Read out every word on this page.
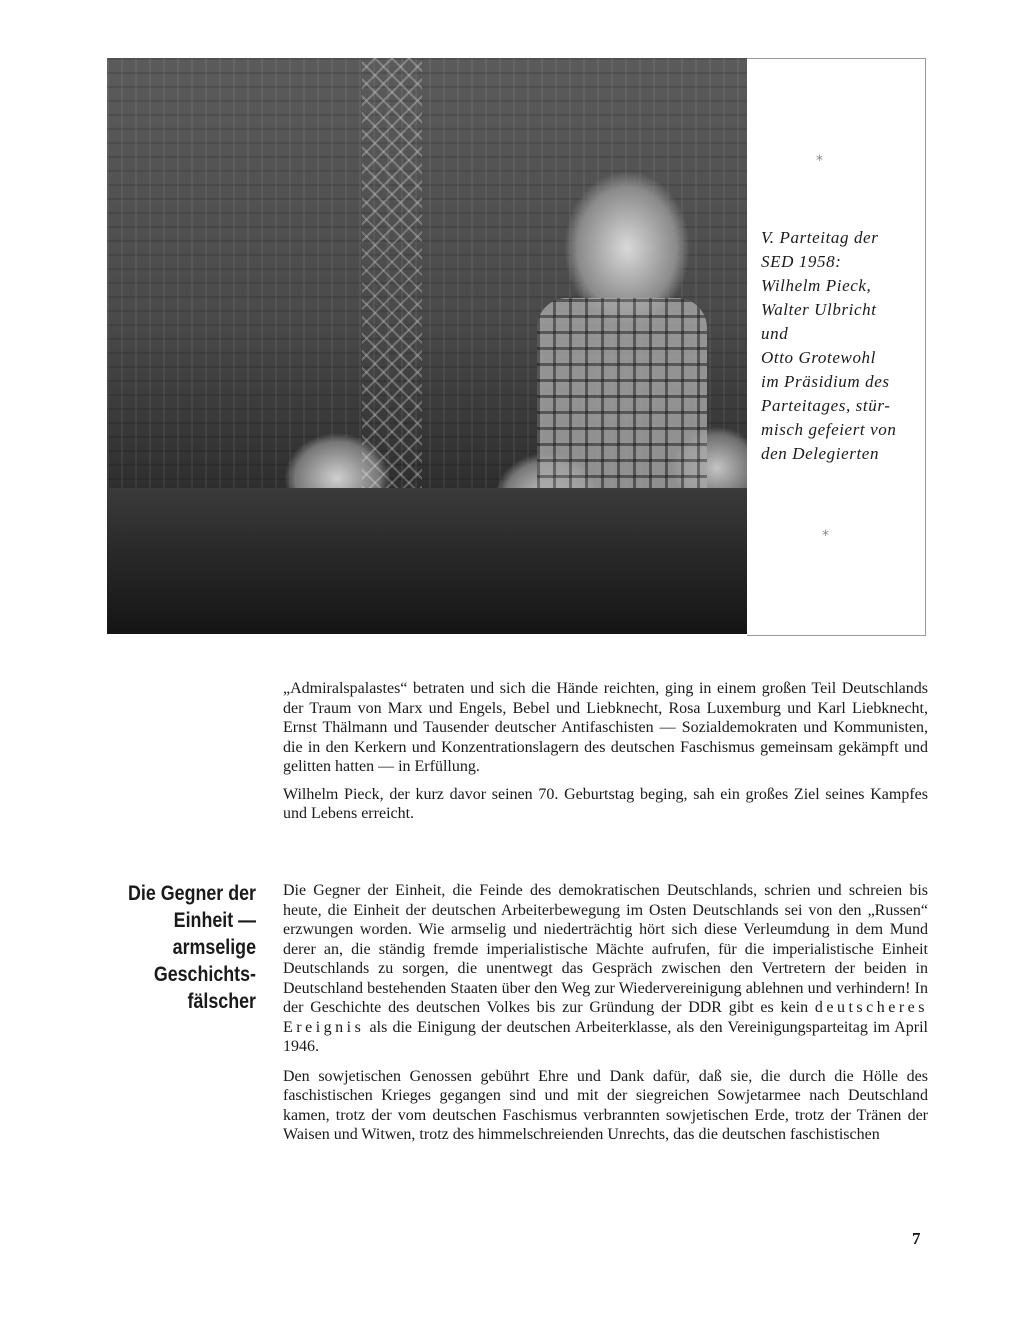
*
*
V. Parteitag der
SED 1958:
Wilhelm Pieck,
Walter Ulbricht
und
Otto Grotewohl
im Präsidium des
Parteitages, stür-
misch gefeiert von
den Delegierten

„Admiralspalastes“ betraten und sich die Hände reichten, ging in einem großen Teil Deutschlands der Traum von Marx und Engels, Bebel und Liebknecht, Rosa Luxemburg und Karl Liebknecht, Ernst Thälmann und Tausender deutscher Antifaschisten — Sozialdemokraten und Kommunisten, die in den Kerkern und Konzentrationslagern des deutschen Faschismus gemeinsam gekämpft und gelitten hatten — in Erfüllung.

Wilhelm Pieck, der kurz davor seinen 70. Geburtstag beging, sah ein großes Ziel seines Kampfes und Lebens erreicht.

Die Gegner der
Einheit —
armselige
Geschichts-
fälscher

Die Gegner der Einheit, die Feinde des demokratischen Deutschlands, schrien und schreien bis heute, die Einheit der deutschen Arbeiterbewegung im Osten Deutschlands sei von den „Russen“ erzwungen worden. Wie armselig und niederträchtig hört sich diese Verleumdung in dem Mund derer an, die ständig fremde imperialistische Mächte aufrufen, für die imperialistische Einheit Deutschlands zu sorgen, die unentwegt das Gespräch zwischen den Vertretern der beiden in Deutschland bestehenden Staaten über den Weg zur Wiedervereinigung ablehnen und verhindern! In der Geschichte des deutschen Volkes bis zur Gründung der DDR gibt es kein deutscheres Ereignis als die Einigung der deutschen Arbeiterklasse, als den Vereinigungsparteitag im April 1946.

Den sowjetischen Genossen gebührt Ehre und Dank dafür, daß sie, die durch die Hölle des faschistischen Krieges gegangen sind und mit der siegreichen Sowjetarmee nach Deutschland kamen, trotz der vom deutschen Faschismus verbrannten sowjetischen Erde, trotz der Tränen der Waisen und Witwen, trotz des himmelschreienden Unrechts, das die deutschen faschistischen

7
